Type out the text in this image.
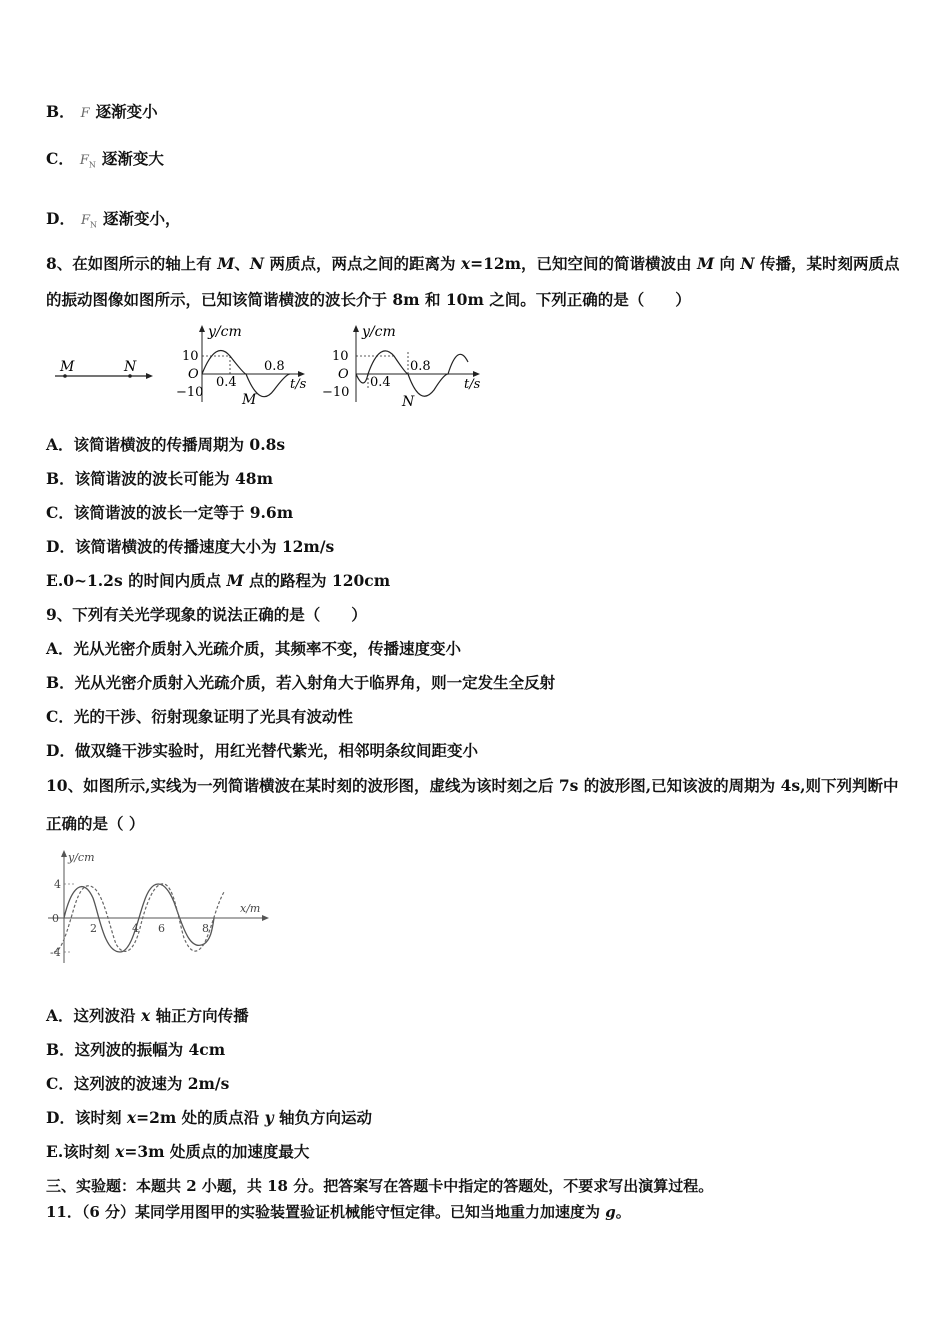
B． F 逐渐变小
C． $F_N$ 逐渐变大
D． $F_N$ 逐渐变小，
8、在如图所示的轴上有 M、N 两质点，两点之间的距离为 x=12m，已知空间的简谐横波由 M 向 N 传播，某时刻两质点的振动图像如图所示，已知该简谐横波的波长介于 8m 和 10m 之间。下列正确的是（　　）
M	N
y/cm
10
O
−10
0.4
0.8
t/s
M
y/cm
10
O
−10
0.4
0.8
t/s
N
A．该简谐横波的传播周期为 0.8s
B．该简谐波的波长可能为 48m
C．该简谐波的波长一定等于 9.6m
D．该简谐横波的传播速度大小为 12m/s
E.0~1.2s 的时间内质点 M 点的路程为 120cm
9、下列有关光学现象的说法正确的是（　　）
A．光从光密介质射入光疏介质，其频率不变，传播速度变小
B．光从光密介质射入光疏介质，若入射角大于临界角，则一定发生全反射
C．光的干涉、衍射现象证明了光具有波动性
D．做双缝干涉实验时，用红光替代紫光，相邻明条纹间距变小
10、如图所示,实线为一列简谐横波在某时刻的波形图，虚线为该时刻之后 7s 的波形图,已知该波的周期为 4s,则下列判断中正确的是（ ）
y/cm
x/m
4
0
-4
2	4 6	8
A．这列波沿 x 轴正方向传播
B．这列波的振幅为 4cm
C．这列波的波速为 2m/s
D．该时刻 x=2m 处的质点沿 y 轴负方向运动
E.该时刻 x=3m 处质点的加速度最大
三、实验题：本题共 2 小题，共 18 分。把答案写在答题卡中指定的答题处，不要求写出演算过程。
11．（6 分）某同学用图甲的实验装置验证机械能守恒定律。已知当地重力加速度为 g。
